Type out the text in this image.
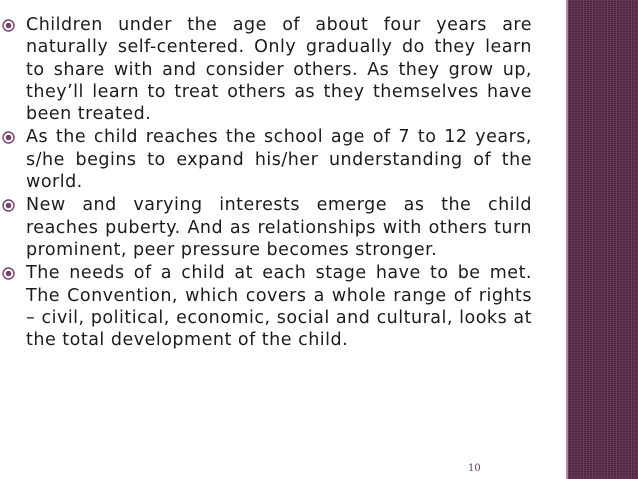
Children under the age of about four years are naturally self-centered. Only gradually do they learn to share with and consider others. As they grow up, they’ll learn to treat others as they themselves have been treated.
As the child reaches the school age of 7 to 12 years, s/he begins to expand his/her understanding of the world.
New and varying interests emerge as the child reaches puberty. And as relationships with others turn prominent, peer pressure becomes stronger.
The needs of a child at each stage have to be met. The Convention, which covers a whole range of rights – civil, political, economic, social and cultural, looks at the total development of the child.
10
